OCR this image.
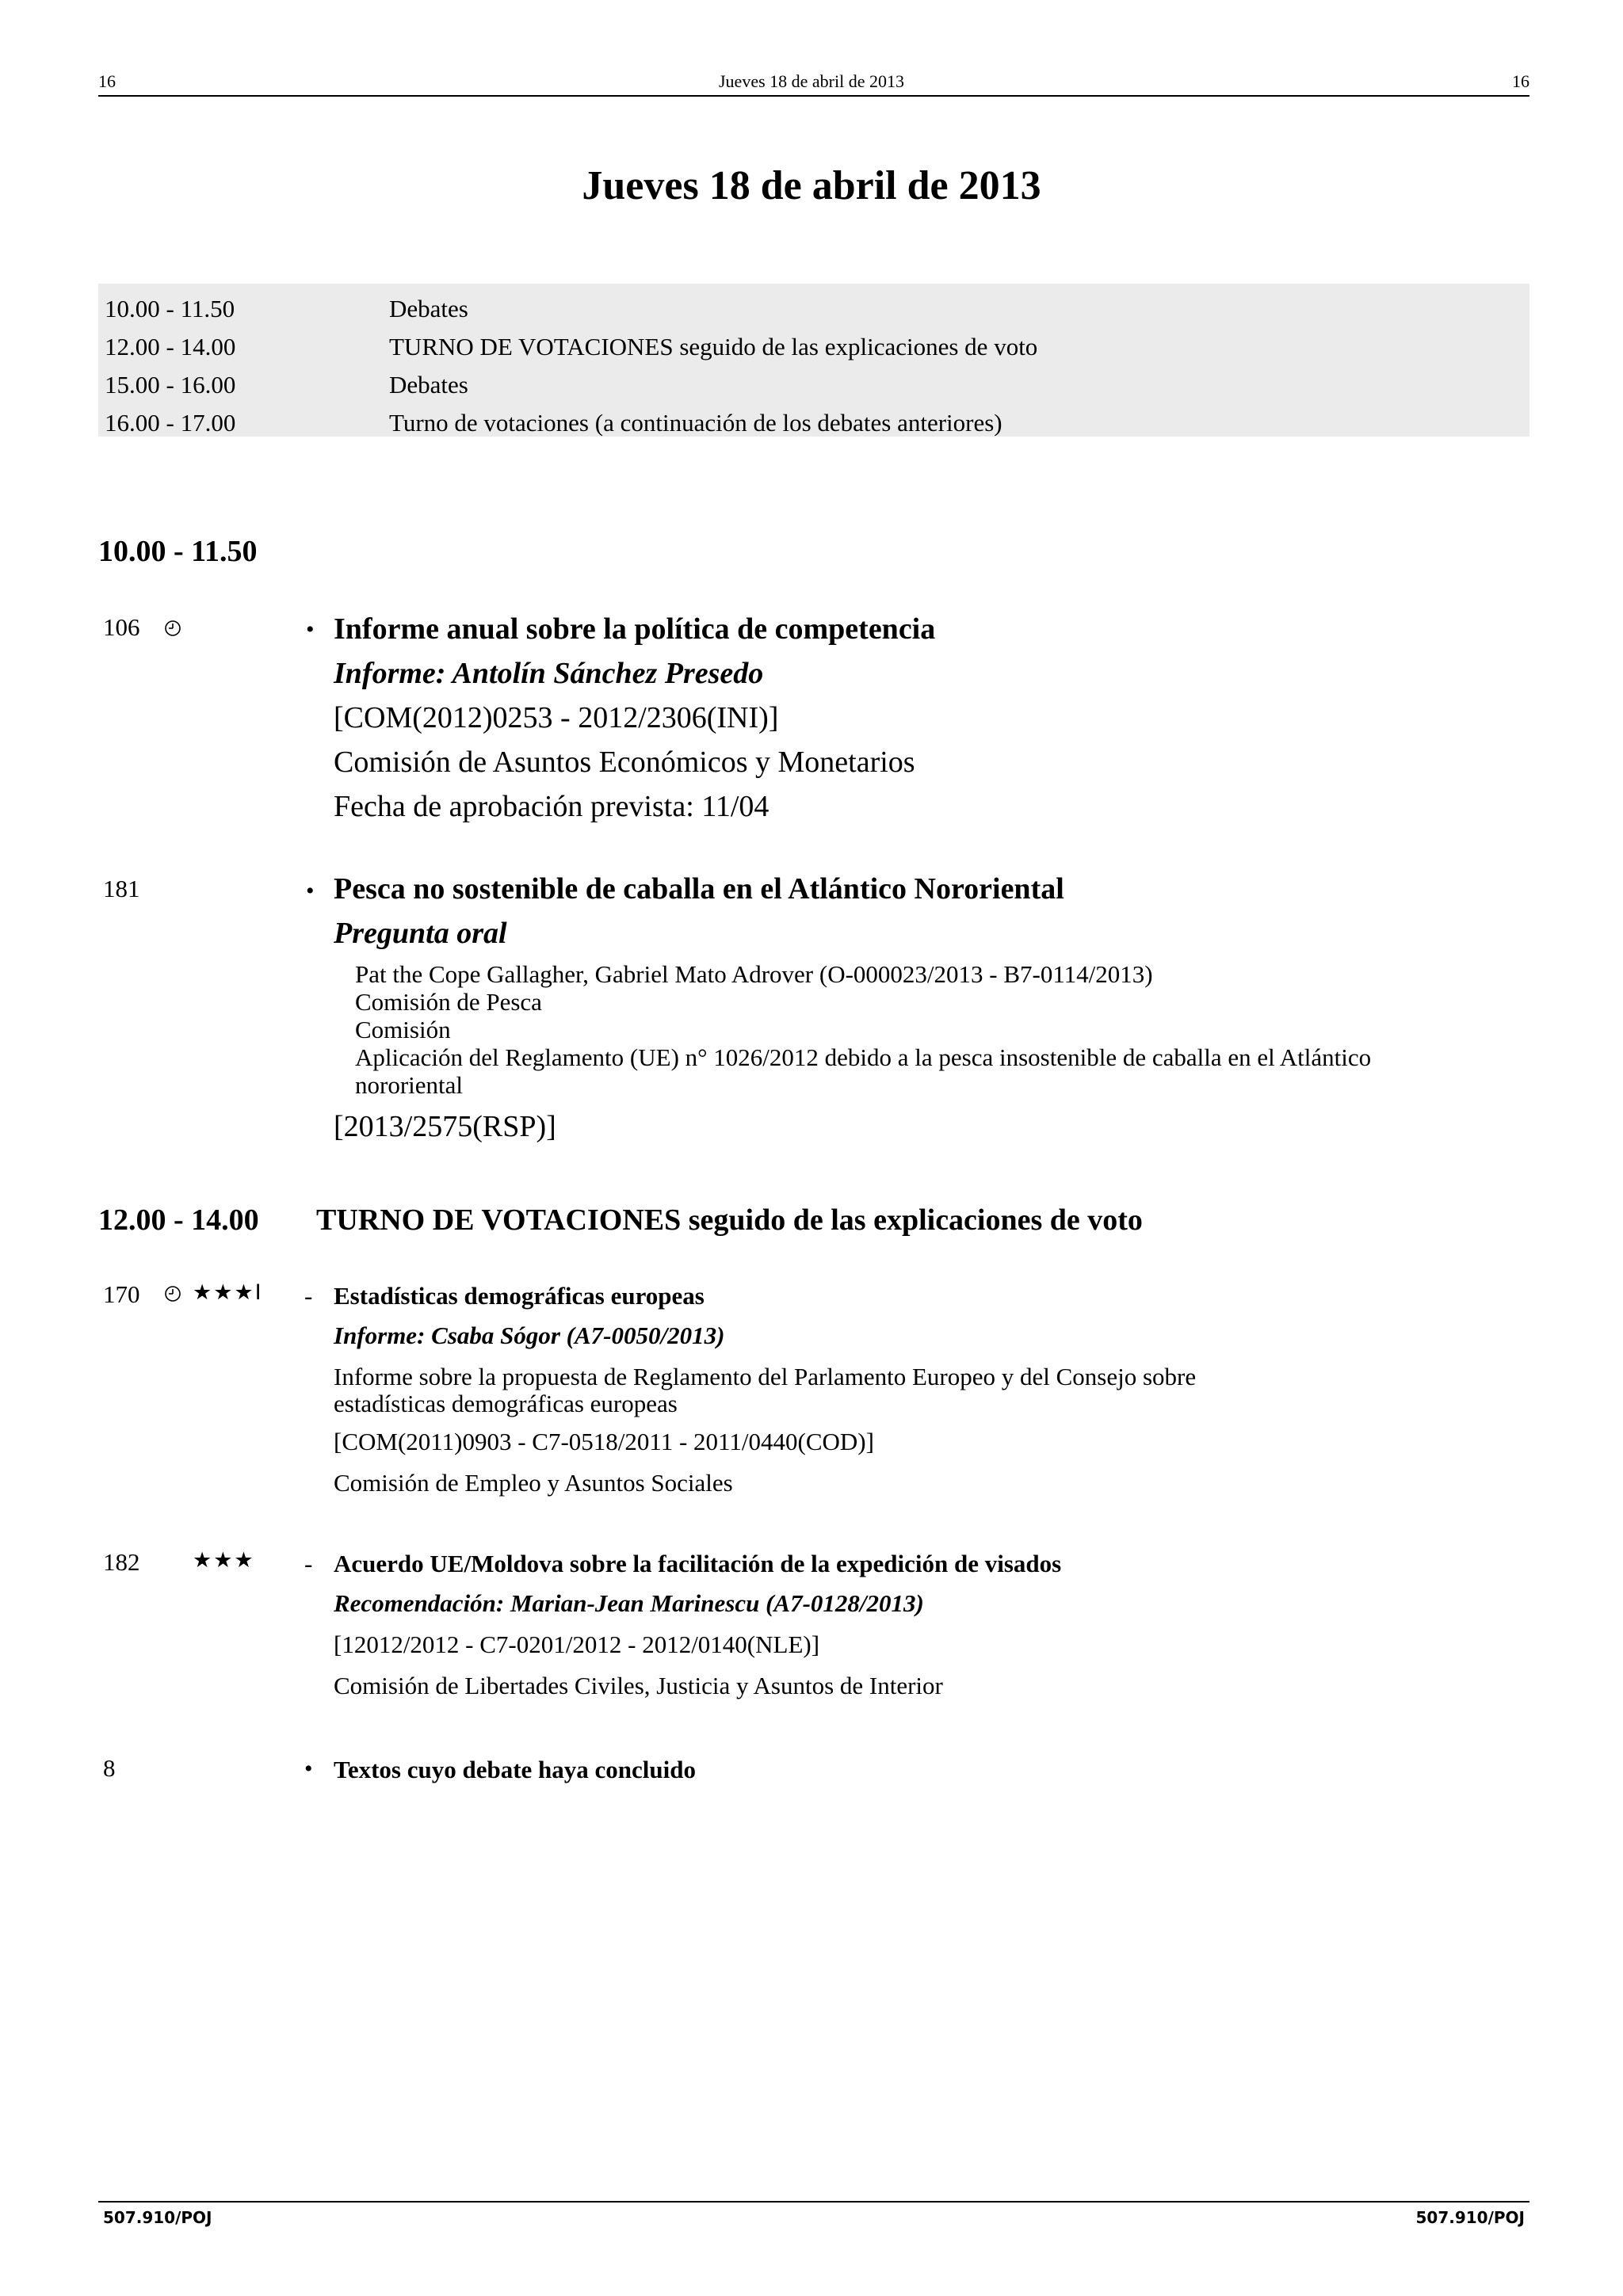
16	Jueves 18 de abril de 2013	16
Jueves 18 de abril de 2013
10.00 - 11.50	Debates
12.00 - 14.00	TURNO DE VOTACIONES seguido de las explicaciones de voto
15.00 - 16.00	Debates
16.00 - 17.00	Turno de votaciones (a continuación de los debates anteriores)
10.00 - 11.50
106	• Informe anual sobre la política de competencia
Informe: Antolín Sánchez Presedo
[COM(2012)0253 - 2012/2306(INI)]
Comisión de Asuntos Económicos y Monetarios
Fecha de aprobación prevista: 11/04
181	• Pesca no sostenible de caballa en el Atlántico Nororiental
Pregunta oral
Pat the Cope Gallagher, Gabriel Mato Adrover (O-000023/2013 - B7-0114/2013)
Comisión de Pesca
Comisión
Aplicación del Reglamento (UE) n° 1026/2012 debido a la pesca insostenible de caballa en el Atlántico
nororiental
[2013/2575(RSP)]
12.00 - 14.00 TURNO DE VOTACIONES seguido de las explicaciones de voto
170 ★★★I - Estadísticas demográficas europeas
Informe: Csaba Sógor (A7-0050/2013)
Informe sobre la propuesta de Reglamento del Parlamento Europeo y del Consejo sobre
estadísticas demográficas europeas
[COM(2011)0903 - C7-0518/2011 - 2011/0440(COD)]
Comisión de Empleo y Asuntos Sociales
182 ★★★ - Acuerdo UE/Moldova sobre la facilitación de la expedición de visados
Recomendación: Marian-Jean Marinescu (A7-0128/2013)
[12012/2012 - C7-0201/2012 - 2012/0140(NLE)]
Comisión de Libertades Civiles, Justicia y Asuntos de Interior
8	• Textos cuyo debate haya concluido
507.910/POJ	507.910/POJ
